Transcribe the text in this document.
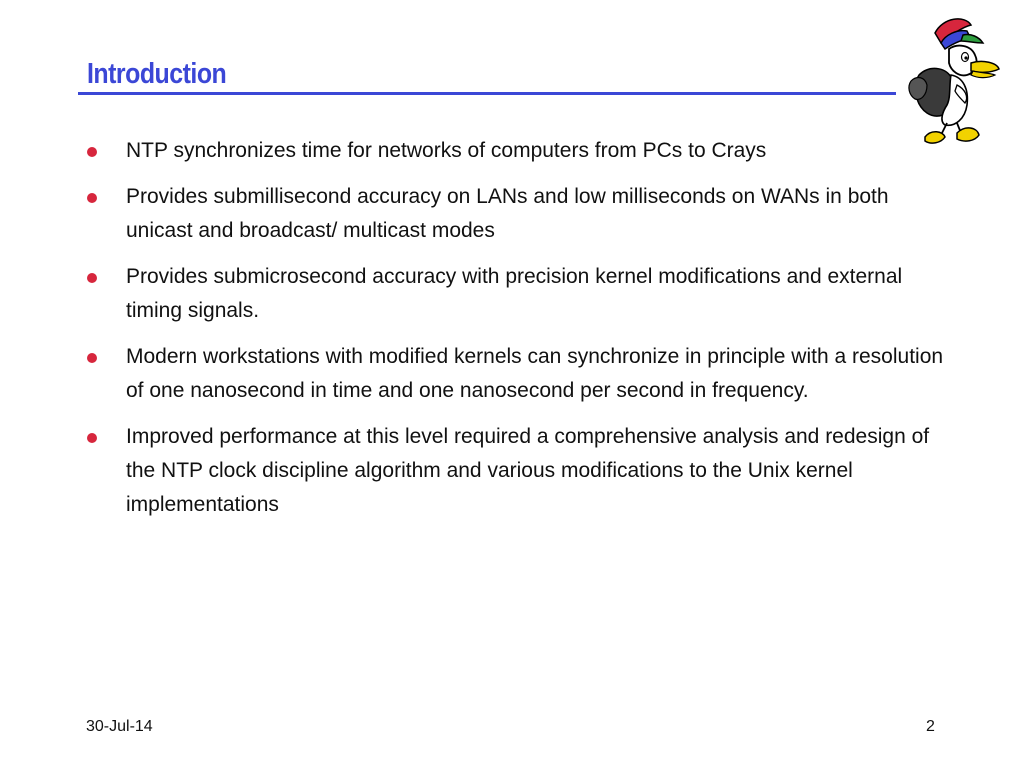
Introduction
NTP synchronizes time for networks of computers from PCs to Crays
Provides submillisecond accuracy on LANs and low milliseconds on WANs in both unicast and broadcast/ multicast modes
Provides submicrosecond accuracy with precision kernel modifications and external timing signals.
Modern workstations with modified kernels can synchronize in principle with a resolution of one nanosecond in time and one nanosecond per second in frequency.
Improved performance at this level required a comprehensive analysis and redesign of the NTP clock discipline algorithm and various modifications to the Unix kernel implementations
30-Jul-14	2
